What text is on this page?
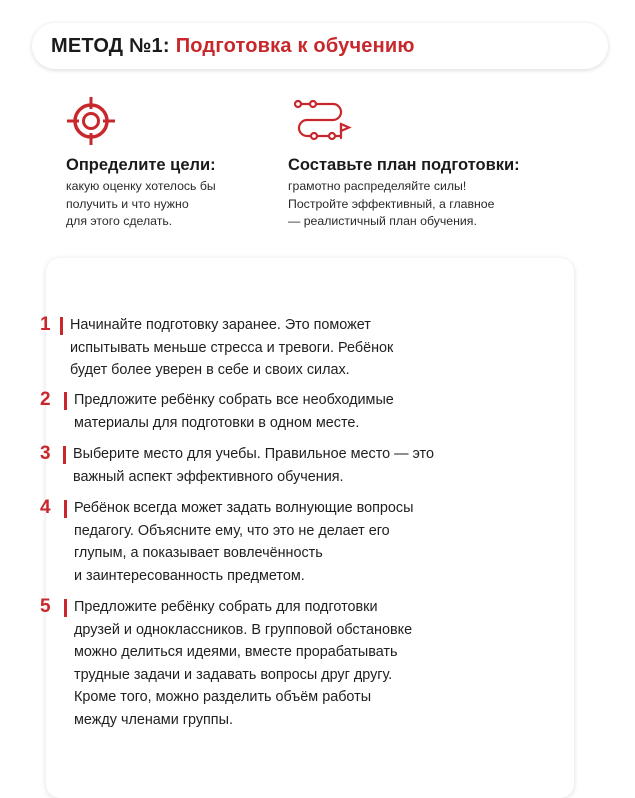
МЕТОД №1: Подготовка к обучению
Определите цели:
какую оценку хотелось бы
получить и что нужно
для этого сделать.
Составьте план подготовки:
грамотно распределяйте силы!
Постройте эффективный, а главное
— реалистичный план обучения.
1 Начинайте подготовку заранее. Это поможет
испытывать меньше стресса и тревоги. Ребёнок
будет более уверен в себе и своих силах.
2 Предложите ребёнку собрать все необходимые
материалы для подготовки в одном месте.
3 Выберите место для учебы. Правильное место — это
важный аспект эффективного обучения.
4 Ребёнок всегда может задать волнующие вопросы
педагогу. Объясните ему, что это не делает его
глупым, а показывает вовлечённость
и заинтересованность предметом.
5 Предложите ребёнку собрать для подготовки
друзей и одноклассников. В групповой обстановке
можно делиться идеями, вместе прорабатывать
трудные задачи и задавать вопросы друг другу.
Кроме того, можно разделить объём работы
между членами группы.
